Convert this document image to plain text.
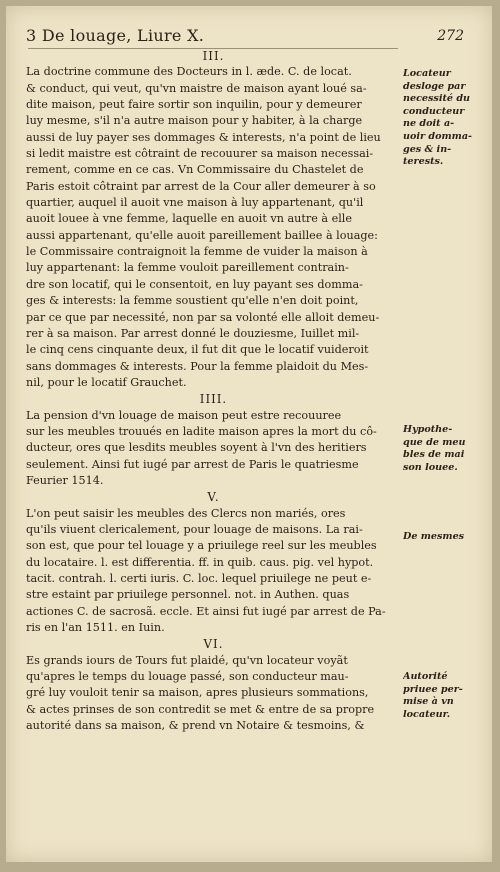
3 De louage, Liure X.	272
III.
La doctrine commune des Docteurs in l. æde. C. de locat.
& conduct, qui veut, qu'vn maistre de maison ayant loué sa-
dite maison, peut faire sortir son inquilin, pour y demeurer
luy mesme, s'il n'a autre maison pour y habiter, à la charge
aussi de luy payer ses dommages & interests, n'a point de lieu
si ledit maistre est côtraint de recouurer sa maison necessai-
rement, comme en ce cas. Vn Commissaire du Chastelet de
Paris estoit côtraint par arrest de la Cour aller demeurer à so
quartier, auquel il auoit vne maison à luy appartenant, qu'il
auoit louee à vne femme, laquelle en auoit vn autre à elle
aussi appartenant, qu'elle auoit pareillement baillee à louage:
le Commissaire contraignoit la femme de vuider la maison à
luy appartenant: la femme vouloit pareillement contrain-
dre son locatif, qui le consentoit, en luy payant ses domma-
ges & interests: la femme soustient qu'elle n'en doit point,
par ce que par necessité, non par sa volonté elle alloit demeu-
rer à sa maison. Par arrest donné le douziesme, Iuillet mil-
le cinq cens cinquante deux, il fut dit que le locatif vuideroit
sans dommages & interests. Pour la femme plaidoit du Mes-
nil, pour le locatif Grauchet.
IIII.
La pension d'vn louage de maison peut estre recouuree
sur les meubles trouués en ladite maison apres la mort du cô-
ducteur, ores que lesdits meubles soyent à l'vn des heritiers
seulement. Ainsi fut iugé par arrest de Paris le quatriesme
Feurier 1514.
V.
L'on peut saisir les meubles des Clercs non mariés, ores
qu'ils viuent clericalement, pour louage de maisons. La rai-
son est, que pour tel louage y a priuilege reel sur les meubles
du locataire. l. est differentia. ff. in quib. caus. pig. vel hypot.
tacit. contrah. l. certi iuris. C. loc. lequel priuilege ne peut e-
stre estaint par priuilege personnel. not. in Authen. quas
actiones C. de sacrosã. eccle. Et ainsi fut iugé par arrest de Pa-
ris en l'an 1511. en Iuin.
VI.
Es grands iours de Tours fut plaidé, qu'vn locateur voyãt
qu'apres le temps du louage passé, son conducteur mau-
gré luy vouloit tenir sa maison, apres plusieurs sommations,
& actes prinses de son contredit se met & entre de sa propre
autorité dans sa maison, & prend vn Notaire & tesmoins, &
Locateur
desloge par
necessité du
conducteur
ne doit a-
uoir domma-
ges & in-
terests.
Hypothe-
que de meu
bles de mai
son louee.
De mesmes
Autorité
priuee per-
mise à vn
locateur.
